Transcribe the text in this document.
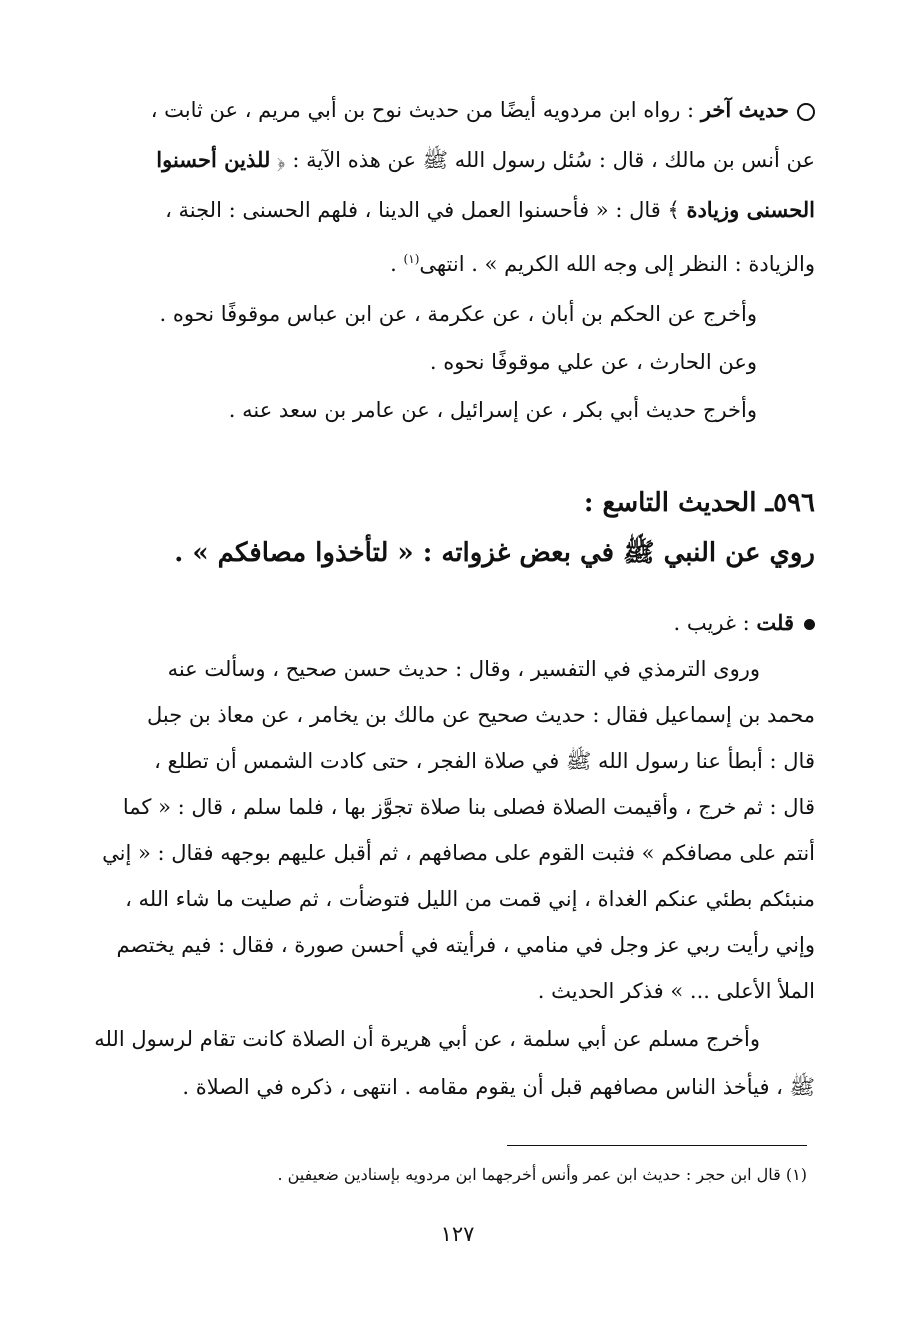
حديث آخر : رواه ابن مردويه أيضًا من حديث نوح بن أبي مريم ، عن ثابت ،
عن أنس بن مالك ، قال : سُئل رسول الله ﷺ عن هذه الآية : ﴿ للذين أحسنوا
الحسنى وزيادة ﴾ قال : « فأحسنوا العمل في الدينا ، فلهم الحسنى : الجنة ،
والزيادة : النظر إلى وجه الله الكريم » . انتهى$^{(١)}$ .
وأخرج عن الحكم بن أبان ، عن عكرمة ، عن ابن عباس موقوفًا نحوه .
وعن الحارث ، عن علي موقوفًا نحوه .
وأخرج حديث أبي بكر ، عن إسرائيل ، عن عامر بن سعد عنه .
٥٩٦ـ الحديث التاسع :
روي عن النبي ﷺ في بعض غزواته : « لتأخذوا مصافكم » .
قلت : غريب .
وروى الترمذي في التفسير ، وقال : حديث حسن صحيح ، وسألت عنه
محمد بن إسماعيل فقال : حديث صحيح عن مالك بن يخامر ، عن معاذ بن جبل
قال : أبطأ عنا رسول الله ﷺ في صلاة الفجر ، حتى كادت الشمس أن تطلع ،
قال : ثم خرج ، وأقيمت الصلاة فصلى بنا صلاة تجوَّز بها ، فلما سلم ، قال : « كما
أنتم على مصافكم » فثبت القوم على مصافهم ، ثم أقبل عليهم بوجهه فقال : « إني
منبئكم بطئي عنكم الغداة ، إني قمت من الليل فتوضأت ، ثم صليت ما شاء الله ،
وإني رأيت ربي عز وجل في منامي ، فرأيته في أحسن صورة ، فقال : فيم يختصم
الملأ الأعلى ... » فذكر الحديث .
وأخرج مسلم عن أبي سلمة ، عن أبي هريرة أن الصلاة كانت تقام لرسول الله
ﷺ ، فيأخذ الناس مصافهم قبل أن يقوم مقامه . انتهى ، ذكره في الصلاة .
(١) قال ابن حجر : حديث ابن عمر وأنس أخرجهما ابن مردويه بإسنادين ضعيفين .
١٢٧
